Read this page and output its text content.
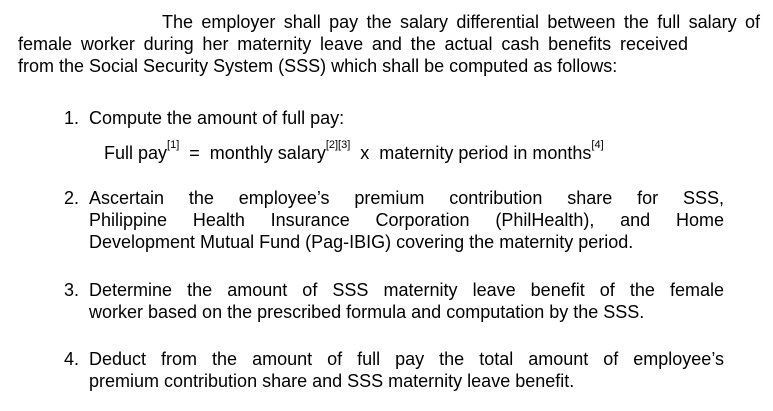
The employer shall pay the salary differential between the full salary of
female worker during her maternity leave and the actual cash benefits received
from the Social Security System (SSS) which shall be computed as follows:

1. Compute the amount of full pay:
2. Ascertain the employee’s premium contribution share for SSS,
Philippine Health Insurance Corporation (PhilHealth), and Home
Development Mutual Fund (Pag-IBIG) covering the maternity period.
3. Determine the amount of SSS maternity leave benefit of the female
worker based on the prescribed formula and computation by the SSS.
4. Deduct from the amount of full pay the total amount of employee’s
premium contribution share and SSS maternity leave benefit.
Full pay[1] = monthly salary[2][3] x maternity period in months[4]
